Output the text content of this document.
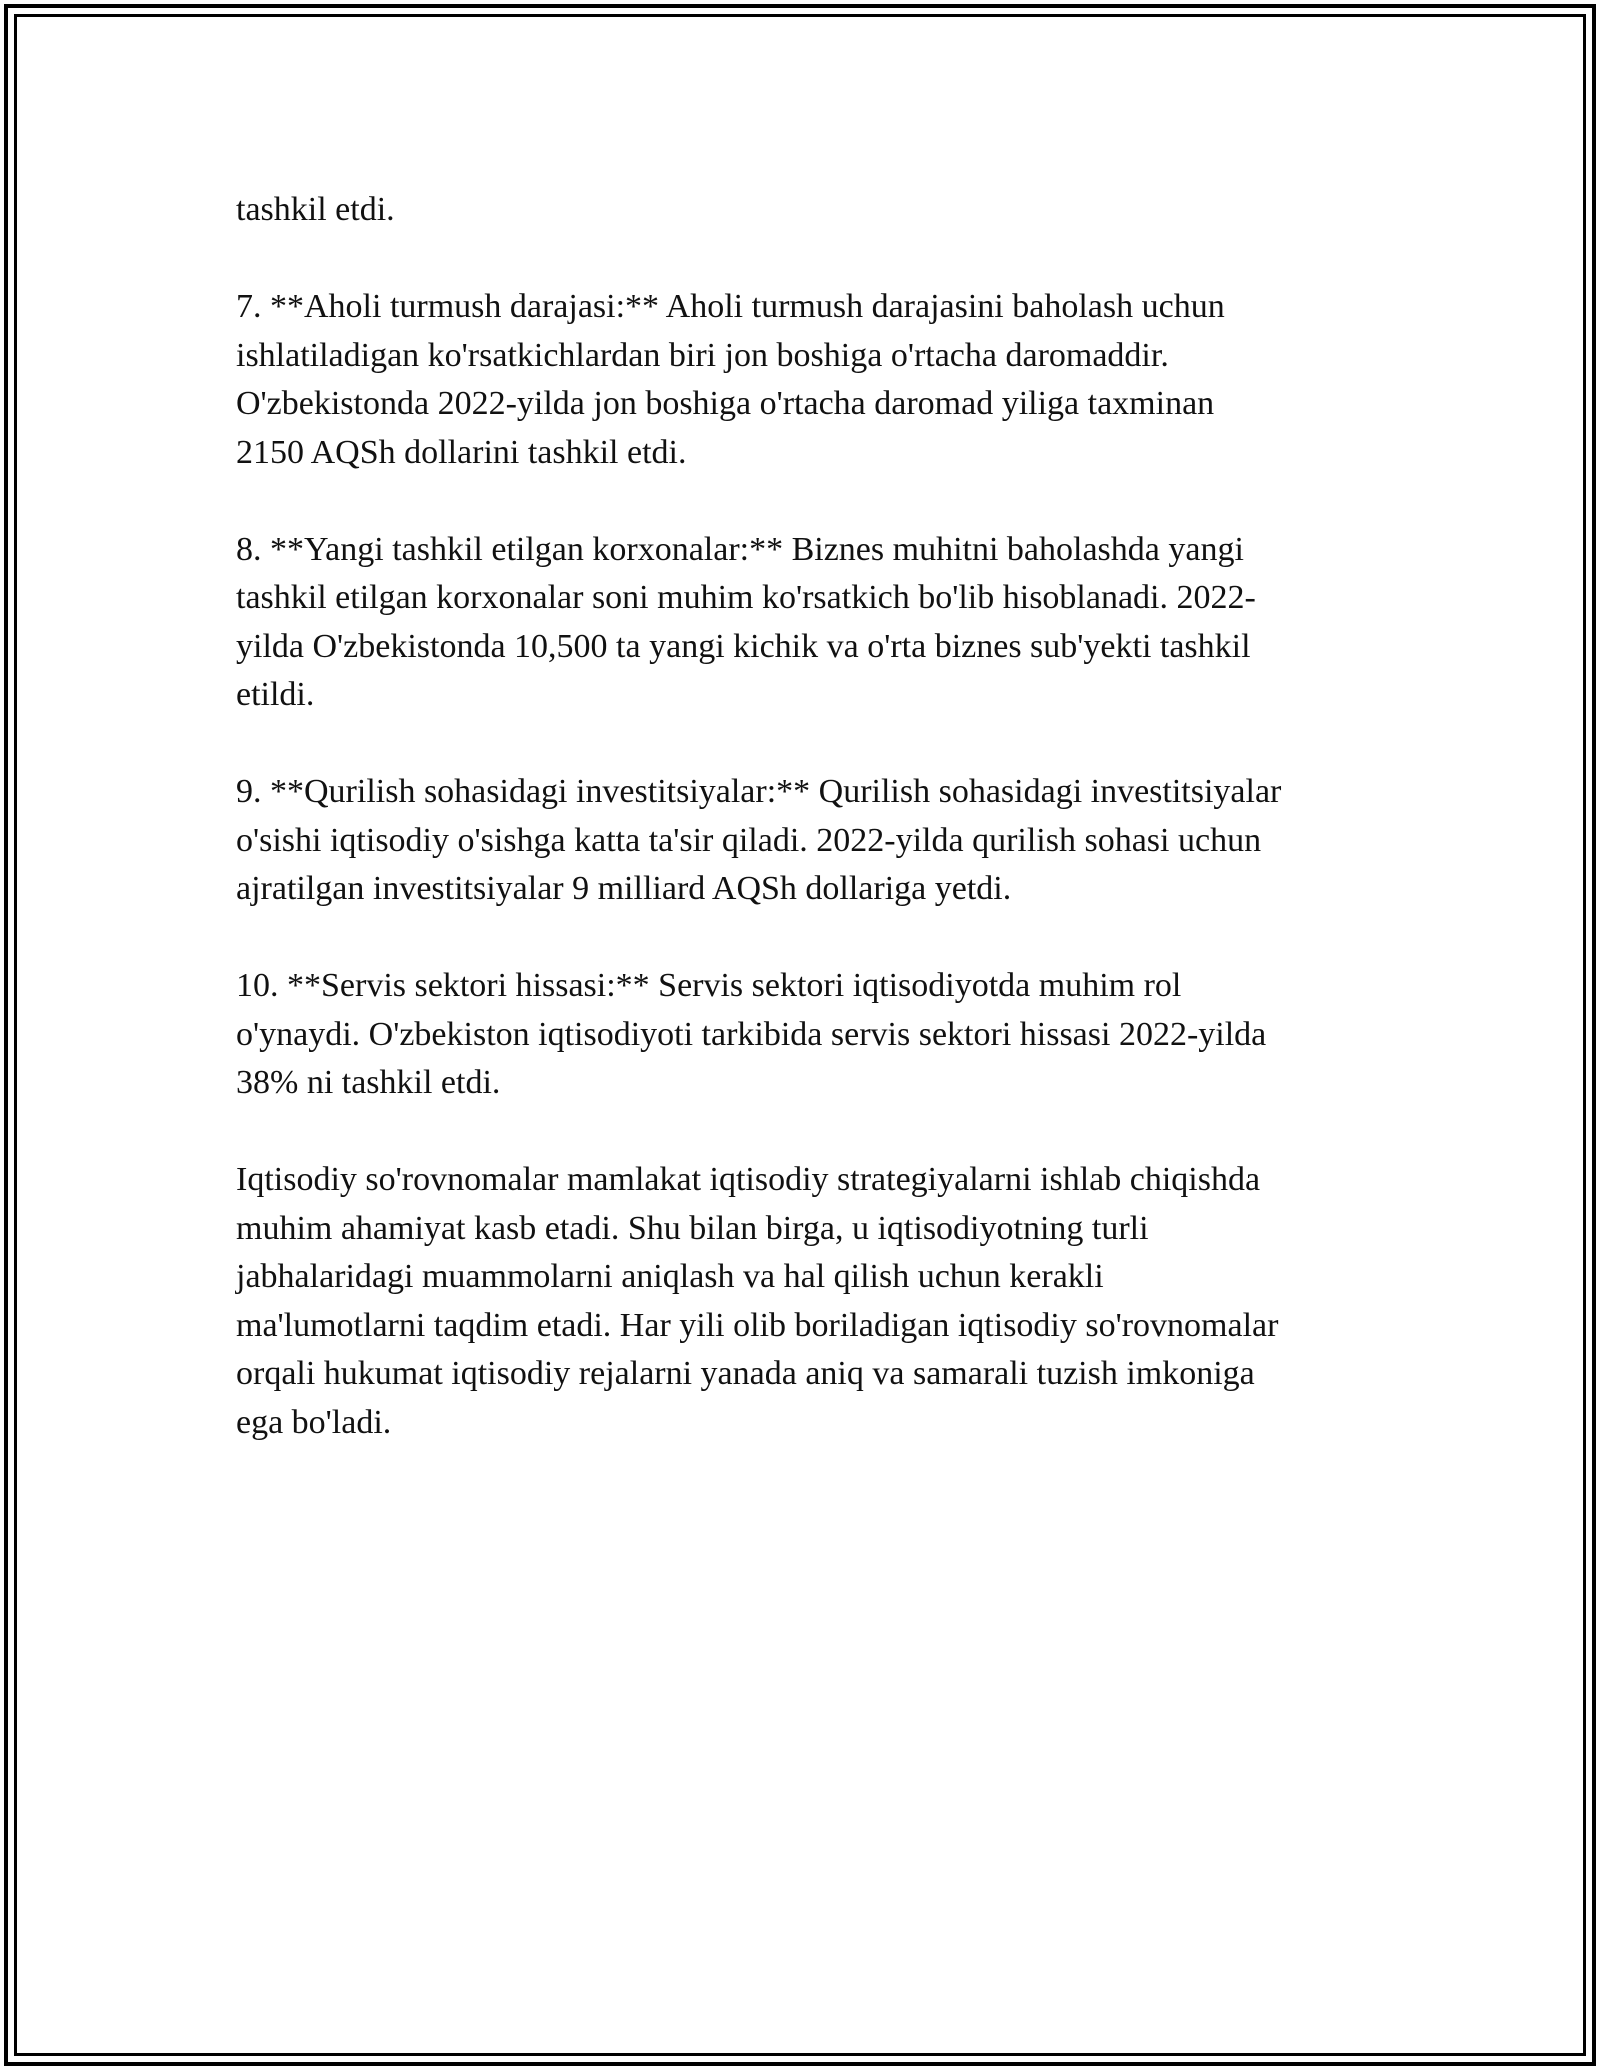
tashkil etdi.

7. **Aholi turmush darajasi:** Aholi turmush darajasini baholash uchun
ishlatiladigan ko'rsatkichlardan biri jon boshiga o'rtacha daromaddir.
O'zbekistonda 2022-yilda jon boshiga o'rtacha daromad yiliga taxminan
2150 AQSh dollarini tashkil etdi.

8. **Yangi tashkil etilgan korxonalar:** Biznes muhitni baholashda yangi
tashkil etilgan korxonalar soni muhim ko'rsatkich bo'lib hisoblanadi. 2022-
yilda O'zbekistonda 10,500 ta yangi kichik va o'rta biznes sub'yekti tashkil
etildi.

9. **Qurilish sohasidagi investitsiyalar:** Qurilish sohasidagi investitsiyalar
o'sishi iqtisodiy o'sishga katta ta'sir qiladi. 2022-yilda qurilish sohasi uchun
ajratilgan investitsiyalar 9 milliard AQSh dollariga yetdi.

10. **Servis sektori hissasi:** Servis sektori iqtisodiyotda muhim rol
o'ynaydi. O'zbekiston iqtisodiyoti tarkibida servis sektori hissasi 2022-yilda
38% ni tashkil etdi.

Iqtisodiy so'rovnomalar mamlakat iqtisodiy strategiyalarni ishlab chiqishda
muhim ahamiyat kasb etadi. Shu bilan birga, u iqtisodiyotning turli
jabhalaridagi muammolarni aniqlash va hal qilish uchun kerakli
ma'lumotlarni taqdim etadi. Har yili olib boriladigan iqtisodiy so'rovnomalar
orqali hukumat iqtisodiy rejalarni yanada aniq va samarali tuzish imkoniga
ega bo'ladi.
